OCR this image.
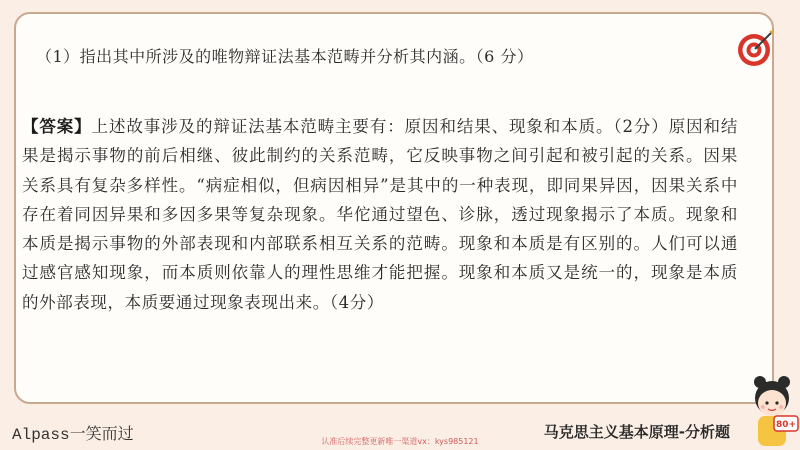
（1）指出其中所涉及的唯物辩证法基本范畴并分析其内涵。（6 分）

【答案】上述故事涉及的辩证法基本范畴主要有：原因和结果、现象和本质。（2分）原因和结果是揭示事物的前后相继、彼此制约的关系范畴，它反映事物之间引起和被引起的关系。因果关系具有复杂多样性。“病症相似，但病因相异”是其中的一种表现，即同果异因，因果关系中存在着同因异果和多因多果等复杂现象。华佗通过望色、诊脉，透过现象揭示了本质。现象和本质是揭示事物的外部表现和内部联系相互关系的范畴。现象和本质是有区别的。人们可以通过感官感知现象，而本质则依靠人的理性思维才能把握。现象和本质又是统一的，现象是本质的外部表现，本质要通过现象表现出来。（4分）

80+
Alpass一笑而过	马克思主义基本原理-分析题
认准后续完整更新唯一渠道vx：kys985121
